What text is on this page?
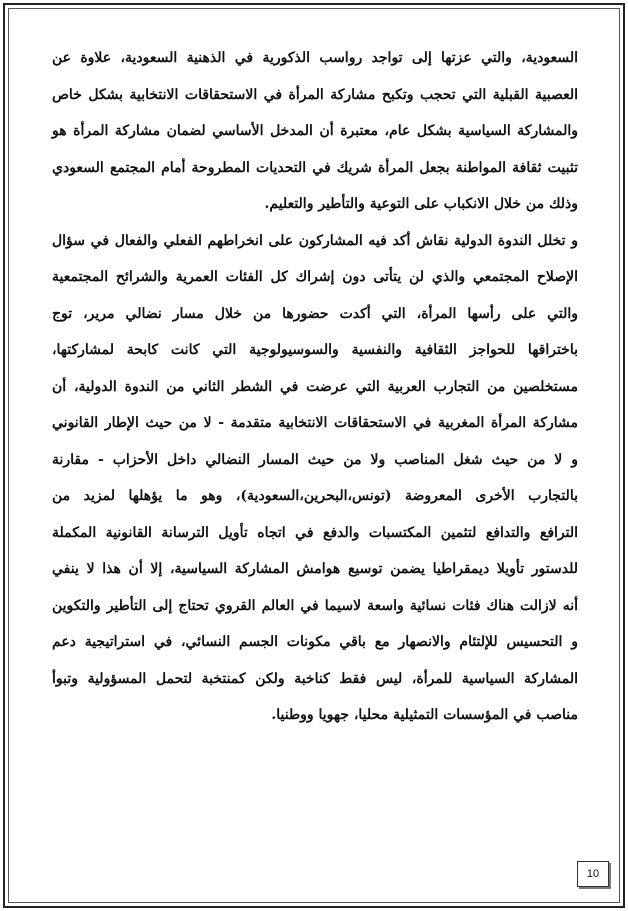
السعودية، والتي عزتها إلى تواجد رواسب الذكورية في الذهنية السعودية، علاوة عن
العصبية القبلية التي تحجب وتكبح مشاركة المرأة في الاستحقاقات الانتخابية بشكل خاص
والمشاركة السياسية بشكل عام، معتبرة أن المدخل الأساسي لضمان مشاركة المرأة هو
تثبيت ثقافة المواطنة بجعل المرأة شريك في التحديات المطروحة أمام المجتمع السعودي
وذلك من خلال الانكباب على التوعية والتأطير والتعليم.

و تخلل الندوة الدولية نقاش أكد فيه المشاركون على انخراطهم الفعلي والفعال في سؤال
الإصلاح المجتمعي والذي لن يتأتى دون إشراك كل الفئات العمرية والشرائح المجتمعية
والتي على رأسها المرأة، التي أكدت حضورها من خلال مسار نضالي مرير، توج
باختراقها للحواجز الثقافية والنفسية والسوسيولوجية التي كانت كابحة لمشاركتها،
مستخلصين من التجارب العربية التي عرضت في الشطر الثاني من الندوة الدولية، أن
مشاركة المرأة المغربية في الاستحقاقات الانتخابية متقدمة - لا من حيث الإطار القانوني
و لا من حيث شغل المناصب ولا من حيث المسار النضالي داخل الأحزاب - مقارنة
بالتجارب الأخرى المعروضة (تونس،البحرين،السعودية)، وهو ما يؤهلها لمزيد من
الترافع والتدافع لتثمين المكتسبات والدفع في اتجاه تأويل الترسانة القانونية المكملة
للدستور تأويلا ديمقراطيا يضمن توسيع هوامش المشاركة السياسية، إلا أن هذا لا ينفي
أنه لازالت هناك فئات نسائية واسعة لاسيما في العالم القروي تحتاج إلى التأطير والتكوين
و التحسيس للإلتئام والانصهار مع باقي مكونات الجسم النسائي، في استراتيجية دعم
المشاركة السياسية للمرأة، ليس فقط كناخبة ولكن كمنتخبة لتحمل المسؤولية وتبوأ
مناصب في المؤسسات التمثيلية محليا، جهويا ووطنيا.

10
